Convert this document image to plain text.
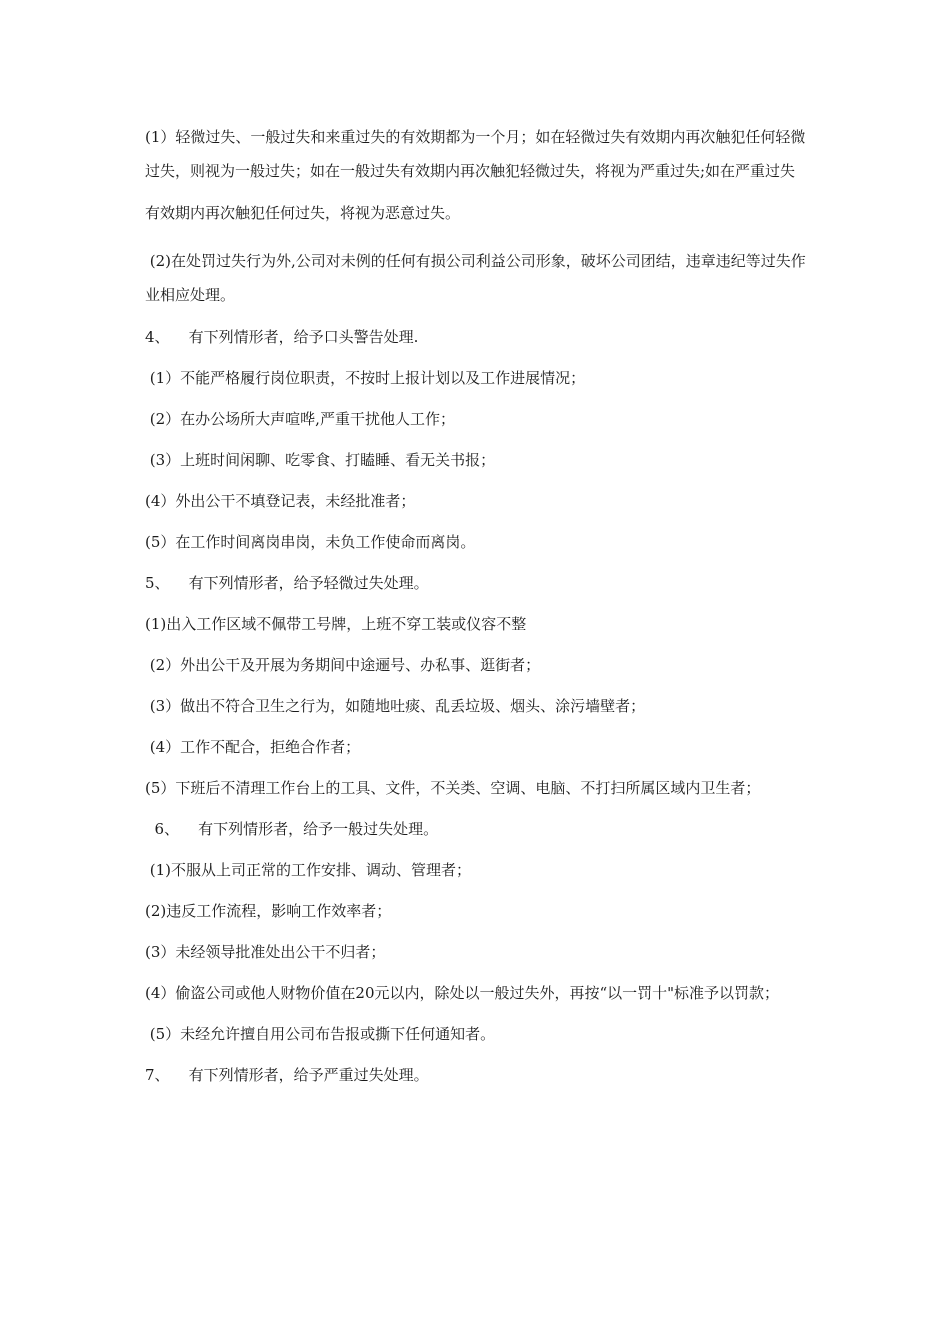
(1）轻微过失、一般过失和来重过失的有效期都为一个月；如在轻微过失有效期内再次触犯任何轻微过失，则视为一般过失；如在一般过失有效期内再次触犯轻微过失，将视为严重过失;如在严重过失

有效期内再次触犯任何过失，将视为恶意过失。

(2)在处罚过失行为外,公司对未例的任何有损公司利益公司形象，破坏公司团结，违章违纪等过失作业相应处理。

4、    有下列情形者，给予口头警告处理.

(1）不能严格履行岗位职责，不按时上报计划以及工作进展情况；

(2）在办公场所大声喧哗,严重干扰他人工作；

(3）上班时间闲聊、吃零食、打瞌睡、看无关书报；

(4）外出公干不填登记表，未经批准者；

(5）在工作时间离岗串岗，未负工作使命而离岗。

5、    有下列情形者，给予轻微过失处理。

(1)出入工作区域不佩带工号牌，上班不穿工装或仪容不整

(2）外出公干及开展为务期间中途逦号、办私事、逛街者；

(3）做出不符合卫生之行为，如随地吐痰、乱丢垃圾、烟头、涂污墙壁者；

(4）工作不配合，拒绝合作者；

(5）下班后不清理工作台上的工具、文件，不关类、空调、电脑、不打扫所属区域内卫生者；

6、    有下列情形者，给予一般过失处理。

(1)不服从上司正常的工作安排、调动、管理者；

(2)违反工作流程，影响工作效率者；

(3）未经领导批准处出公干不归者；

(4）偷盗公司或他人财物价值在20元以内，除处以一般过失外，再按“以一罚十"标准予以罚款；

(5）未经允许擅自用公司布告报或撕下任何通知者。

7、    有下列情形者，给予严重过失处理。
